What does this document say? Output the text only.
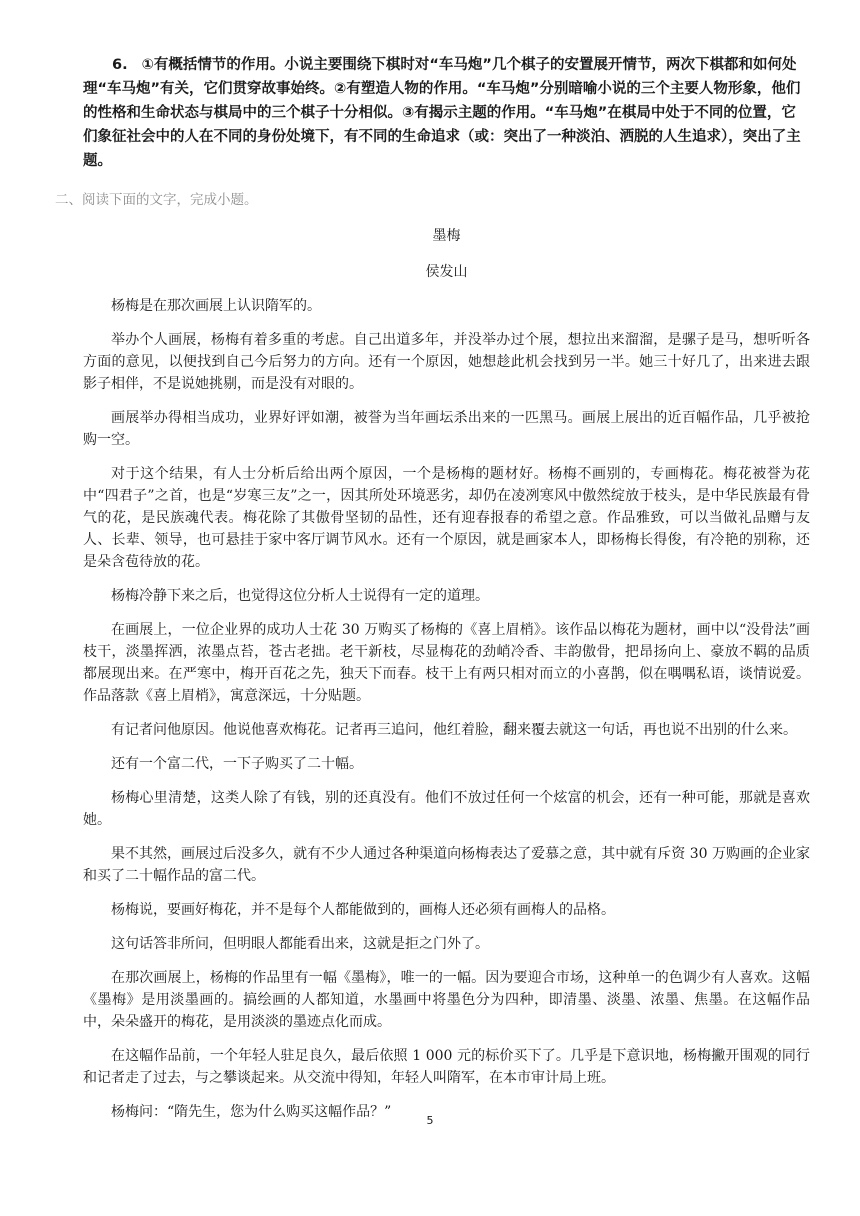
6. ①有概括情节的作用。小说主要围绕下棋时对“车马炮”几个棋子的安置展开情节，两次下棋都和如何处理“车马炮”有关，它们贯穿故事始终。②有塑造人物的作用。“车马炮”分别暗喻小说的三个主要人物形象，他们的性格和生命状态与棋局中的三个棋子十分相似。③有揭示主题的作用。“车马炮”在棋局中处于不同的位置，它们象征社会中的人在不同的身份处境下，有不同的生命追求（或：突出了一种淡泊、洒脱的人生追求），突出了主题。

二、阅读下面的文字，完成小题。

墨梅

侯发山

杨梅是在那次画展上认识隋军的。

举办个人画展，杨梅有着多重的考虑。自己出道多年，并没举办过个展，想拉出来溜溜，是骡子是马，想听听各方面的意见，以便找到自己今后努力的方向。还有一个原因，她想趁此机会找到另一半。她三十好几了，出来进去跟影子相伴，不是说她挑剔，而是没有对眼的。

画展举办得相当成功，业界好评如潮，被誉为当年画坛杀出来的一匹黑马。画展上展出的近百幅作品，几乎被抢购一空。

对于这个结果，有人士分析后给出两个原因，一个是杨梅的题材好。杨梅不画别的，专画梅花。梅花被誉为花中“四君子”之首，也是“岁寒三友”之一，因其所处环境恶劣，却仍在凌冽寒风中傲然绽放于枝头，是中华民族最有骨气的花，是民族魂代表。梅花除了其傲骨坚韧的品性，还有迎春报春的希望之意。作品雅致，可以当做礼品赠与友人、长辈、领导，也可悬挂于家中客厅调节风水。还有一个原因，就是画家本人，即杨梅长得俊，有冷艳的别称，还是朵含苞待放的花。

杨梅冷静下来之后，也觉得这位分析人士说得有一定的道理。

在画展上，一位企业界的成功人士花 30 万购买了杨梅的《喜上眉梢》。该作品以梅花为题材，画中以“没骨法”画枝干，淡墨挥洒，浓墨点苔，苍古老拙。老干新枝，尽显梅花的劲峭冷香、丰韵傲骨，把昂扬向上、豪放不羁的品质都展现出来。在严寒中，梅开百花之先，独天下而春。枝干上有两只相对而立的小喜鹊，似在喁喁私语，谈情说爱。作品落款《喜上眉梢》，寓意深远，十分贴题。

有记者问他原因。他说他喜欢梅花。记者再三追问，他红着脸，翻来覆去就这一句话，再也说不出别的什么来。

还有一个富二代，一下子购买了二十幅。

杨梅心里清楚，这类人除了有钱，别的还真没有。他们不放过任何一个炫富的机会，还有一种可能，那就是喜欢她。

果不其然，画展过后没多久，就有不少人通过各种渠道向杨梅表达了爱慕之意，其中就有斥资 30 万购画的企业家和买了二十幅作品的富二代。

杨梅说，要画好梅花，并不是每个人都能做到的，画梅人还必须有画梅人的品格。

这句话答非所问，但明眼人都能看出来，这就是拒之门外了。

在那次画展上，杨梅的作品里有一幅《墨梅》，唯一的一幅。因为要迎合市场，这种单一的色调少有人喜欢。这幅《墨梅》是用淡墨画的。搞绘画的人都知道，水墨画中将墨色分为四种，即清墨、淡墨、浓墨、焦墨。在这幅作品中，朵朵盛开的梅花，是用淡淡的墨迹点化而成。

在这幅作品前，一个年轻人驻足良久，最后依照 1 000 元的标价买下了。几乎是下意识地，杨梅撇开围观的同行和记者走了过去，与之攀谈起来。从交流中得知，年轻人叫隋军，在本市审计局上班。

杨梅问：“隋先生，您为什么购买这幅作品？”

5
